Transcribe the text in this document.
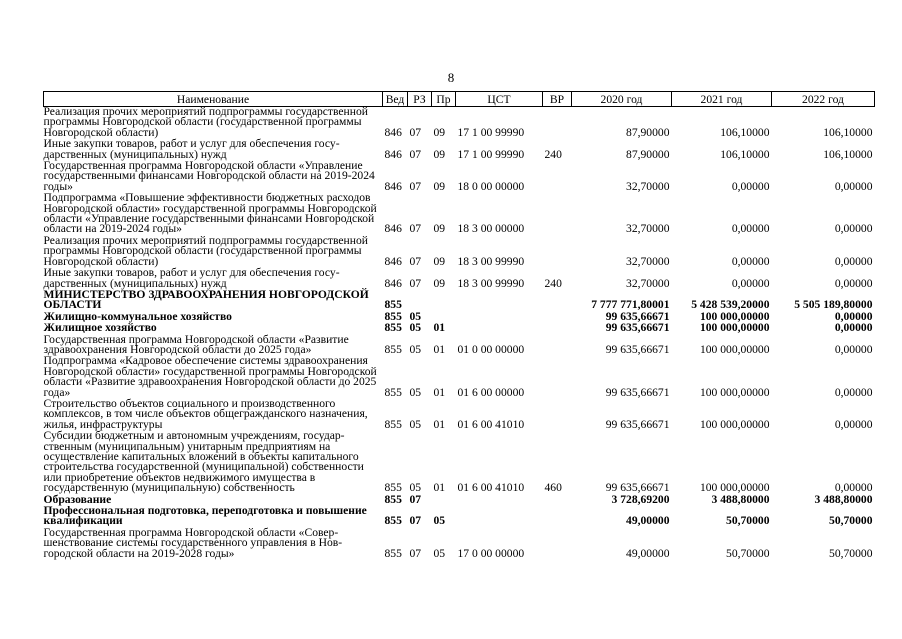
8
Наименование	Вед	РЗ	Пр	ЦСТ	ВР	2020 год	2021 год	2022 год
Реализация прочих мероприятий подпрограммы государственной программы Новгородской области (государственной программы Новгородской области)	846	07	09	17 1 00 99990		87,90000	106,10000	106,10000
Иные закупки товаров, работ и услуг для обеспечения государственных (муниципальных) нужд	846	07	09	17 1 00 99990	240	87,90000	106,10000	106,10000
Государственная программа Новгородской области «Управление государственными финансами Новгородской области на 2019-2024 годы»	846	07	09	18 0 00 00000		32,70000	0,00000	0,00000
Подпрограмма «Повышение эффективности бюджетных расходов Новгородской области» государственной программы Новгородской области «Управление государственными финансами Новгородской области на 2019-2024 годы»	846	07	09	18 3 00 00000		32,70000	0,00000	0,00000
Реализация прочих мероприятий подпрограммы государственной программы Новгородской области (государственной программы Новгородской области)	846	07	09	18 3 00 99990		32,70000	0,00000	0,00000
Иные закупки товаров, работ и услуг для обеспечения государственных (муниципальных) нужд	846	07	09	18 3 00 99990	240	32,70000	0,00000	0,00000
МИНИСТЕРСТВО ЗДРАВООХРАНЕНИЯ НОВГОРОДСКОЙ ОБЛАСТИ	855					7 777 771,80001	5 428 539,20000	5 505 189,80000
Жилищно-коммунальное хозяйство	855	05				99 635,66671	100 000,00000	0,00000
Жилищное хозяйство	855	05	01			99 635,66671	100 000,00000	0,00000
Государственная программа Новгородской области «Развитие здравоохранения Новгородской области до 2025 года»	855	05	01	01 0 00 00000		99 635,66671	100 000,00000	0,00000
Подпрограмма «Кадровое обеспечение системы здравоохранения Новгородской области» государственной программы Новгородской области «Развитие здравоохранения Новгородской области до 2025 года»	855	05	01	01 6 00 00000		99 635,66671	100 000,00000	0,00000
Строительство объектов социального и производственного комплексов, в том числе объектов общегражданского назначения, жилья, инфраструктуры	855	05	01	01 6 00 41010		99 635,66671	100 000,00000	0,00000
Субсидии бюджетным и автономным учреждениям, государственным (муниципальным) унитарным предприятиям на осуществление капитальных вложений в объекты капитального строительства государственной (муниципальной) собственности или приобретение объектов недвижимого имущества в государственную (муниципальную) собственность	855	05	01	01 6 00 41010	460	99 635,66671	100 000,00000	0,00000
Образование	855	07				3 728,69200	3 488,80000	3 488,80000
Профессиональная подготовка, переподготовка и повышение квалификации	855	07	05			49,00000	50,70000	50,70000
Государственная программа Новгородской области «Совершенствование системы государственного управления в Новгородской области на 2019-2028 годы»	855	07	05	17 0 00 00000		49,00000	50,70000	50,70000
